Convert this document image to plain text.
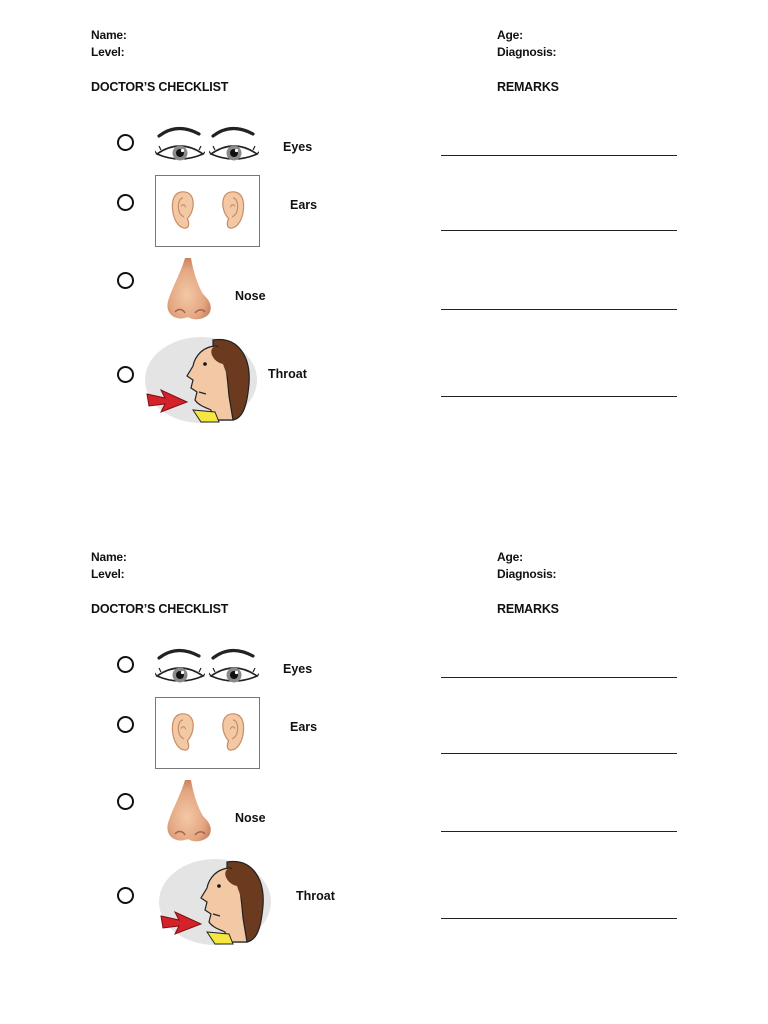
Name:
Level:
Age:
Diagnosis:
DOCTOR’S CHECKLIST	REMARKS
Eyes
Ears
Nose
Throat
Name:
Level:
Age:
Diagnosis:
DOCTOR’S CHECKLIST	REMARKS
Eyes
Ears
Nose
Throat
